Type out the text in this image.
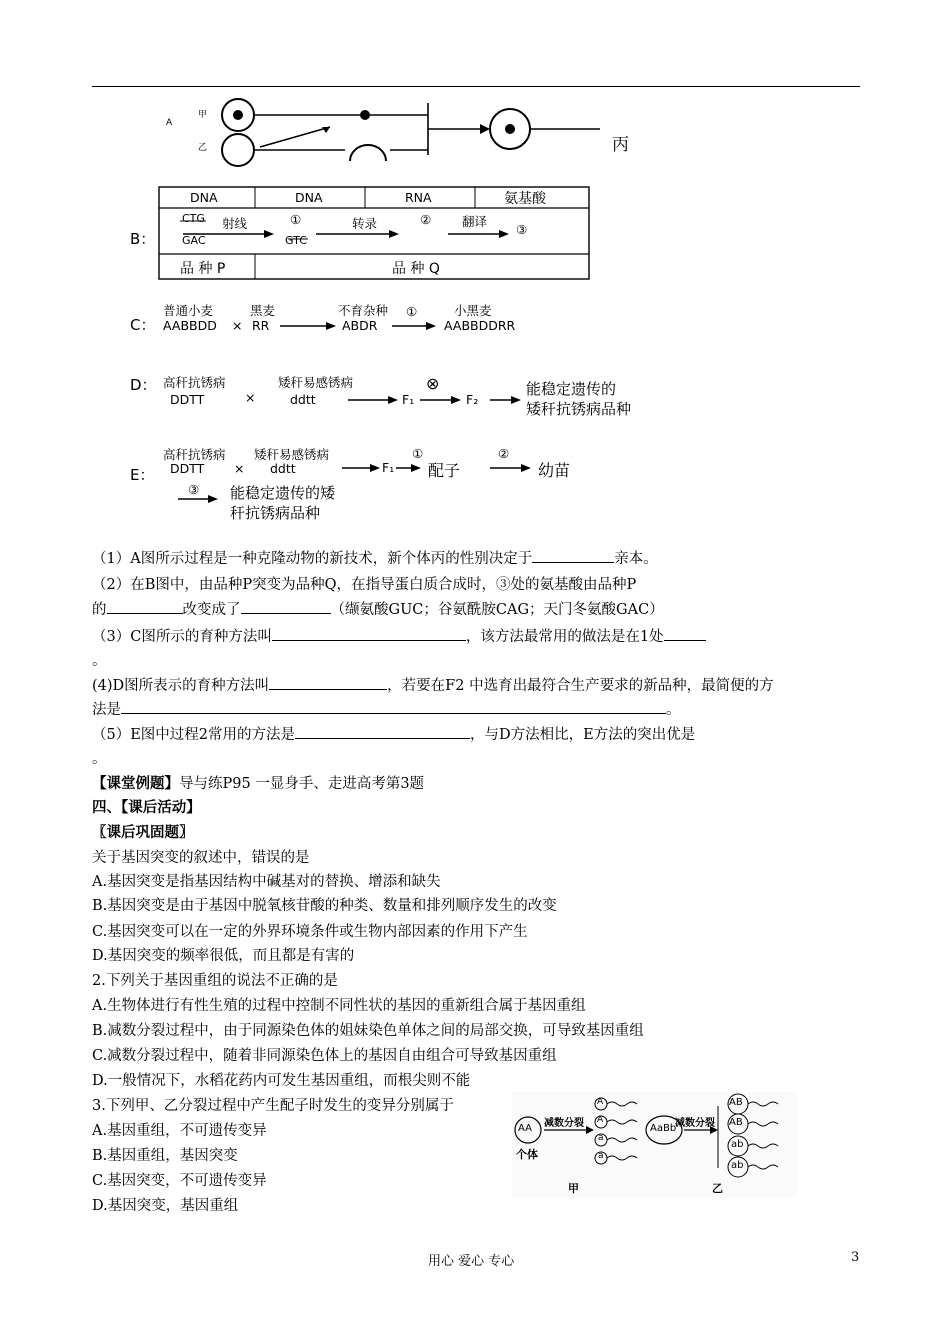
A
甲
乙	丙
B：
DNA	DNA	RNA	氨基酸
CTG
GAC
射线	①
GTC
转录	② 翻译
③
品 种 P	品 种 Q
C：
普通小麦
AABBDD ×
黑麦
RR
不育杂种
ABDR
①	小黑麦
AABBDDRR
D： 高秆抗锈病
DDTT	×
矮秆易感锈病
ddtt	F₁
⊗
F₂
能稳定遗传的
矮秆抗锈病品种
E：
高秆抗锈病
DDTT ×
矮秆易感锈病
ddtt	F₁
①
配子
②
幼苗
③ 能稳定遗传的矮
秆抗锈病品种
（1）A图所示过程是一种克隆动物的新技术，新个体丙的性别决定于	亲本。
（2）在B图中，由品种P突变为品种Q，在指导蛋白质合成时，③处的氨基酸由品种P
的	改变成了	（缬氨酸GUC；谷氨酰胺CAG；天门冬氨酸GAC）
（3）C图所示的育种方法叫	，该方法最常用的做法是在1处
。
(4)D图所表示的育种方法叫	，若要在F2 中选育出最符合生产要求的新品种，最简便的方
法是	。
（5）E图中过程2常用的方法是	，与D方法相比，E方法的突出优是
。
【课堂例题】导与练P95 一显身手、走进高考第3题
四、【课后活动】
〖课后巩固题〗
关于基因突变的叙述中，错误的是
A.基因突变是指基因结构中碱基对的替换、增添和缺失
B.基因突变是由于基因中脱氧核苷酸的种类、数量和排列顺序发生的改变
C.基因突变可以在一定的外界环境条件或生物内部因素的作用下产生
D.基因突变的频率很低，而且都是有害的
2.下列关于基因重组的说法不正确的是
A.生物体进行有性生殖的过程中控制不同性状的基因的重新组合属于基因重组
B.减数分裂过程中，由于同源染色体的姐妹染色单体之间的局部交换，可导致基因重组
C.减数分裂过程中，随着非同源染色体上的基因自由组合可导致基因重组
D.一般情况下，水稻花药内可发生基因重组，而根尖则不能
3.下列甲、乙分裂过程中产生配子时发生的变异分别属于
A.基因重组，不可遗传变异
B.基因重组，基因突变
C.基因突变，不可遗传变异
D.基因突变，基因重组
AA
个体
减数分裂
A
A
a
a
AaBb
减数分裂
AB
AB
ab
ab
甲	乙
用心 爱心 专心	3
